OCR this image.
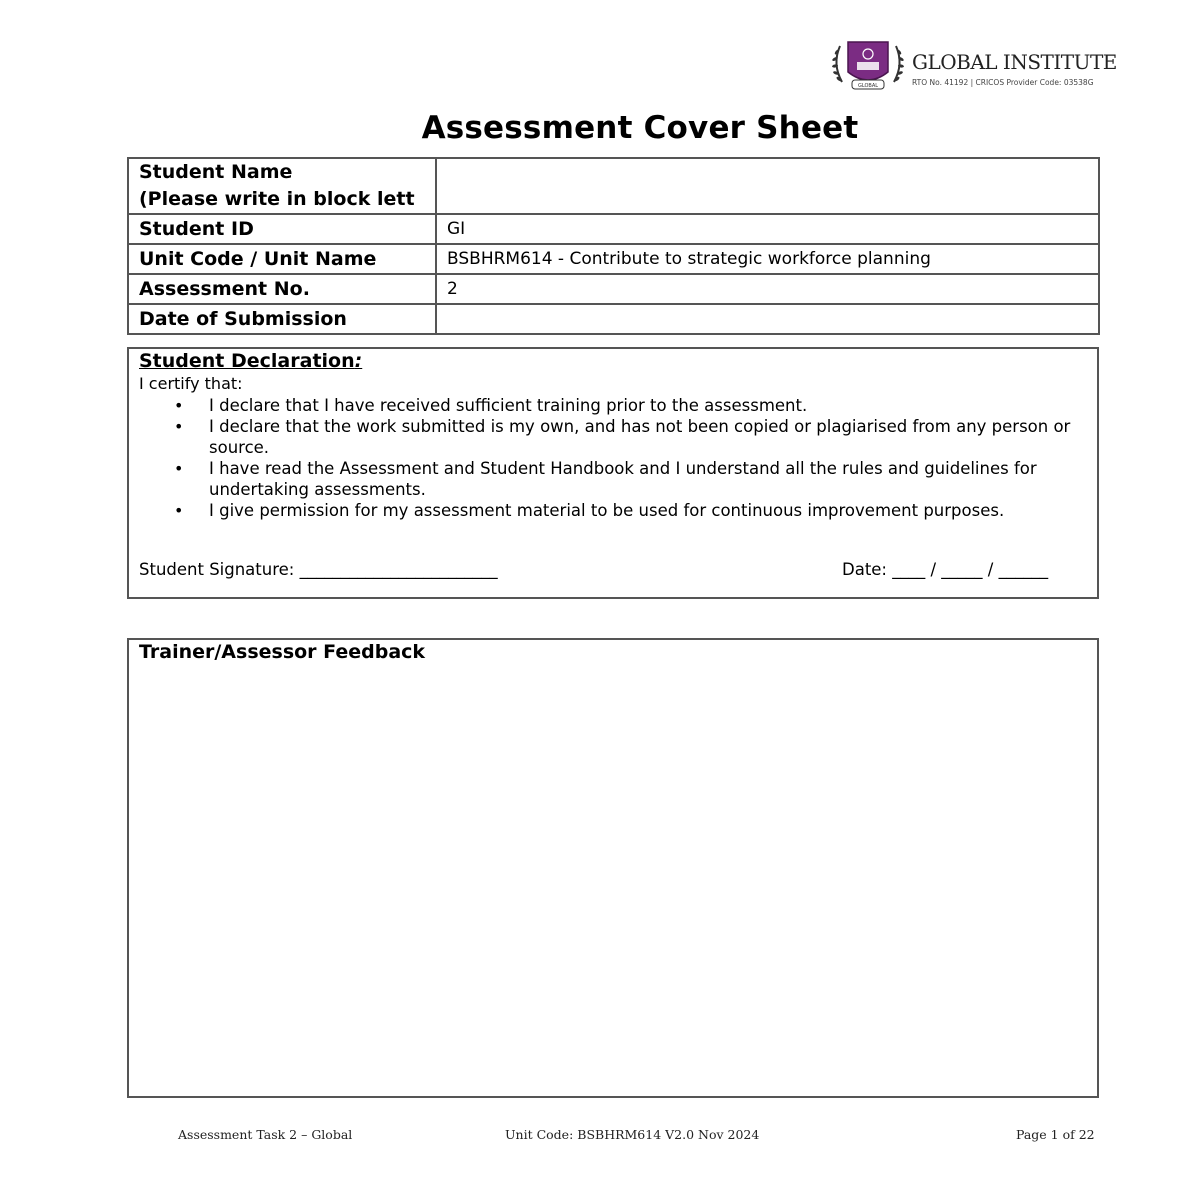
GLOBAL
GLOBAL INSTITUTE
RTO No. 41192 | CRICOS Provider Code: 03538G
Assessment Cover Sheet
Student Name
(Please write in block lett	

Student ID	GI
Unit Code / Unit Name	BSBHRM614 - Contribute to strategic workforce planning
Assessment No.	2
Date of Submission	
Student Declaration:
I certify that:
• I declare that I have received sufficient training prior to the assessment.
• I declare that the work submitted is my own, and has not been copied or plagiarised from any person or source.
• I have read the Assessment and Student Handbook and I understand all the rules and guidelines for undertaking assessments.
• I give permission for my assessment material to be used for continuous improvement purposes.
Student Signature: ________________________	Date: ____ / _____ / ______
Trainer/Assessor Feedback
Assessment Task 2 – Global	Unit Code: BSBHRM614 V2.0 Nov 2024	Page 1 of 22
